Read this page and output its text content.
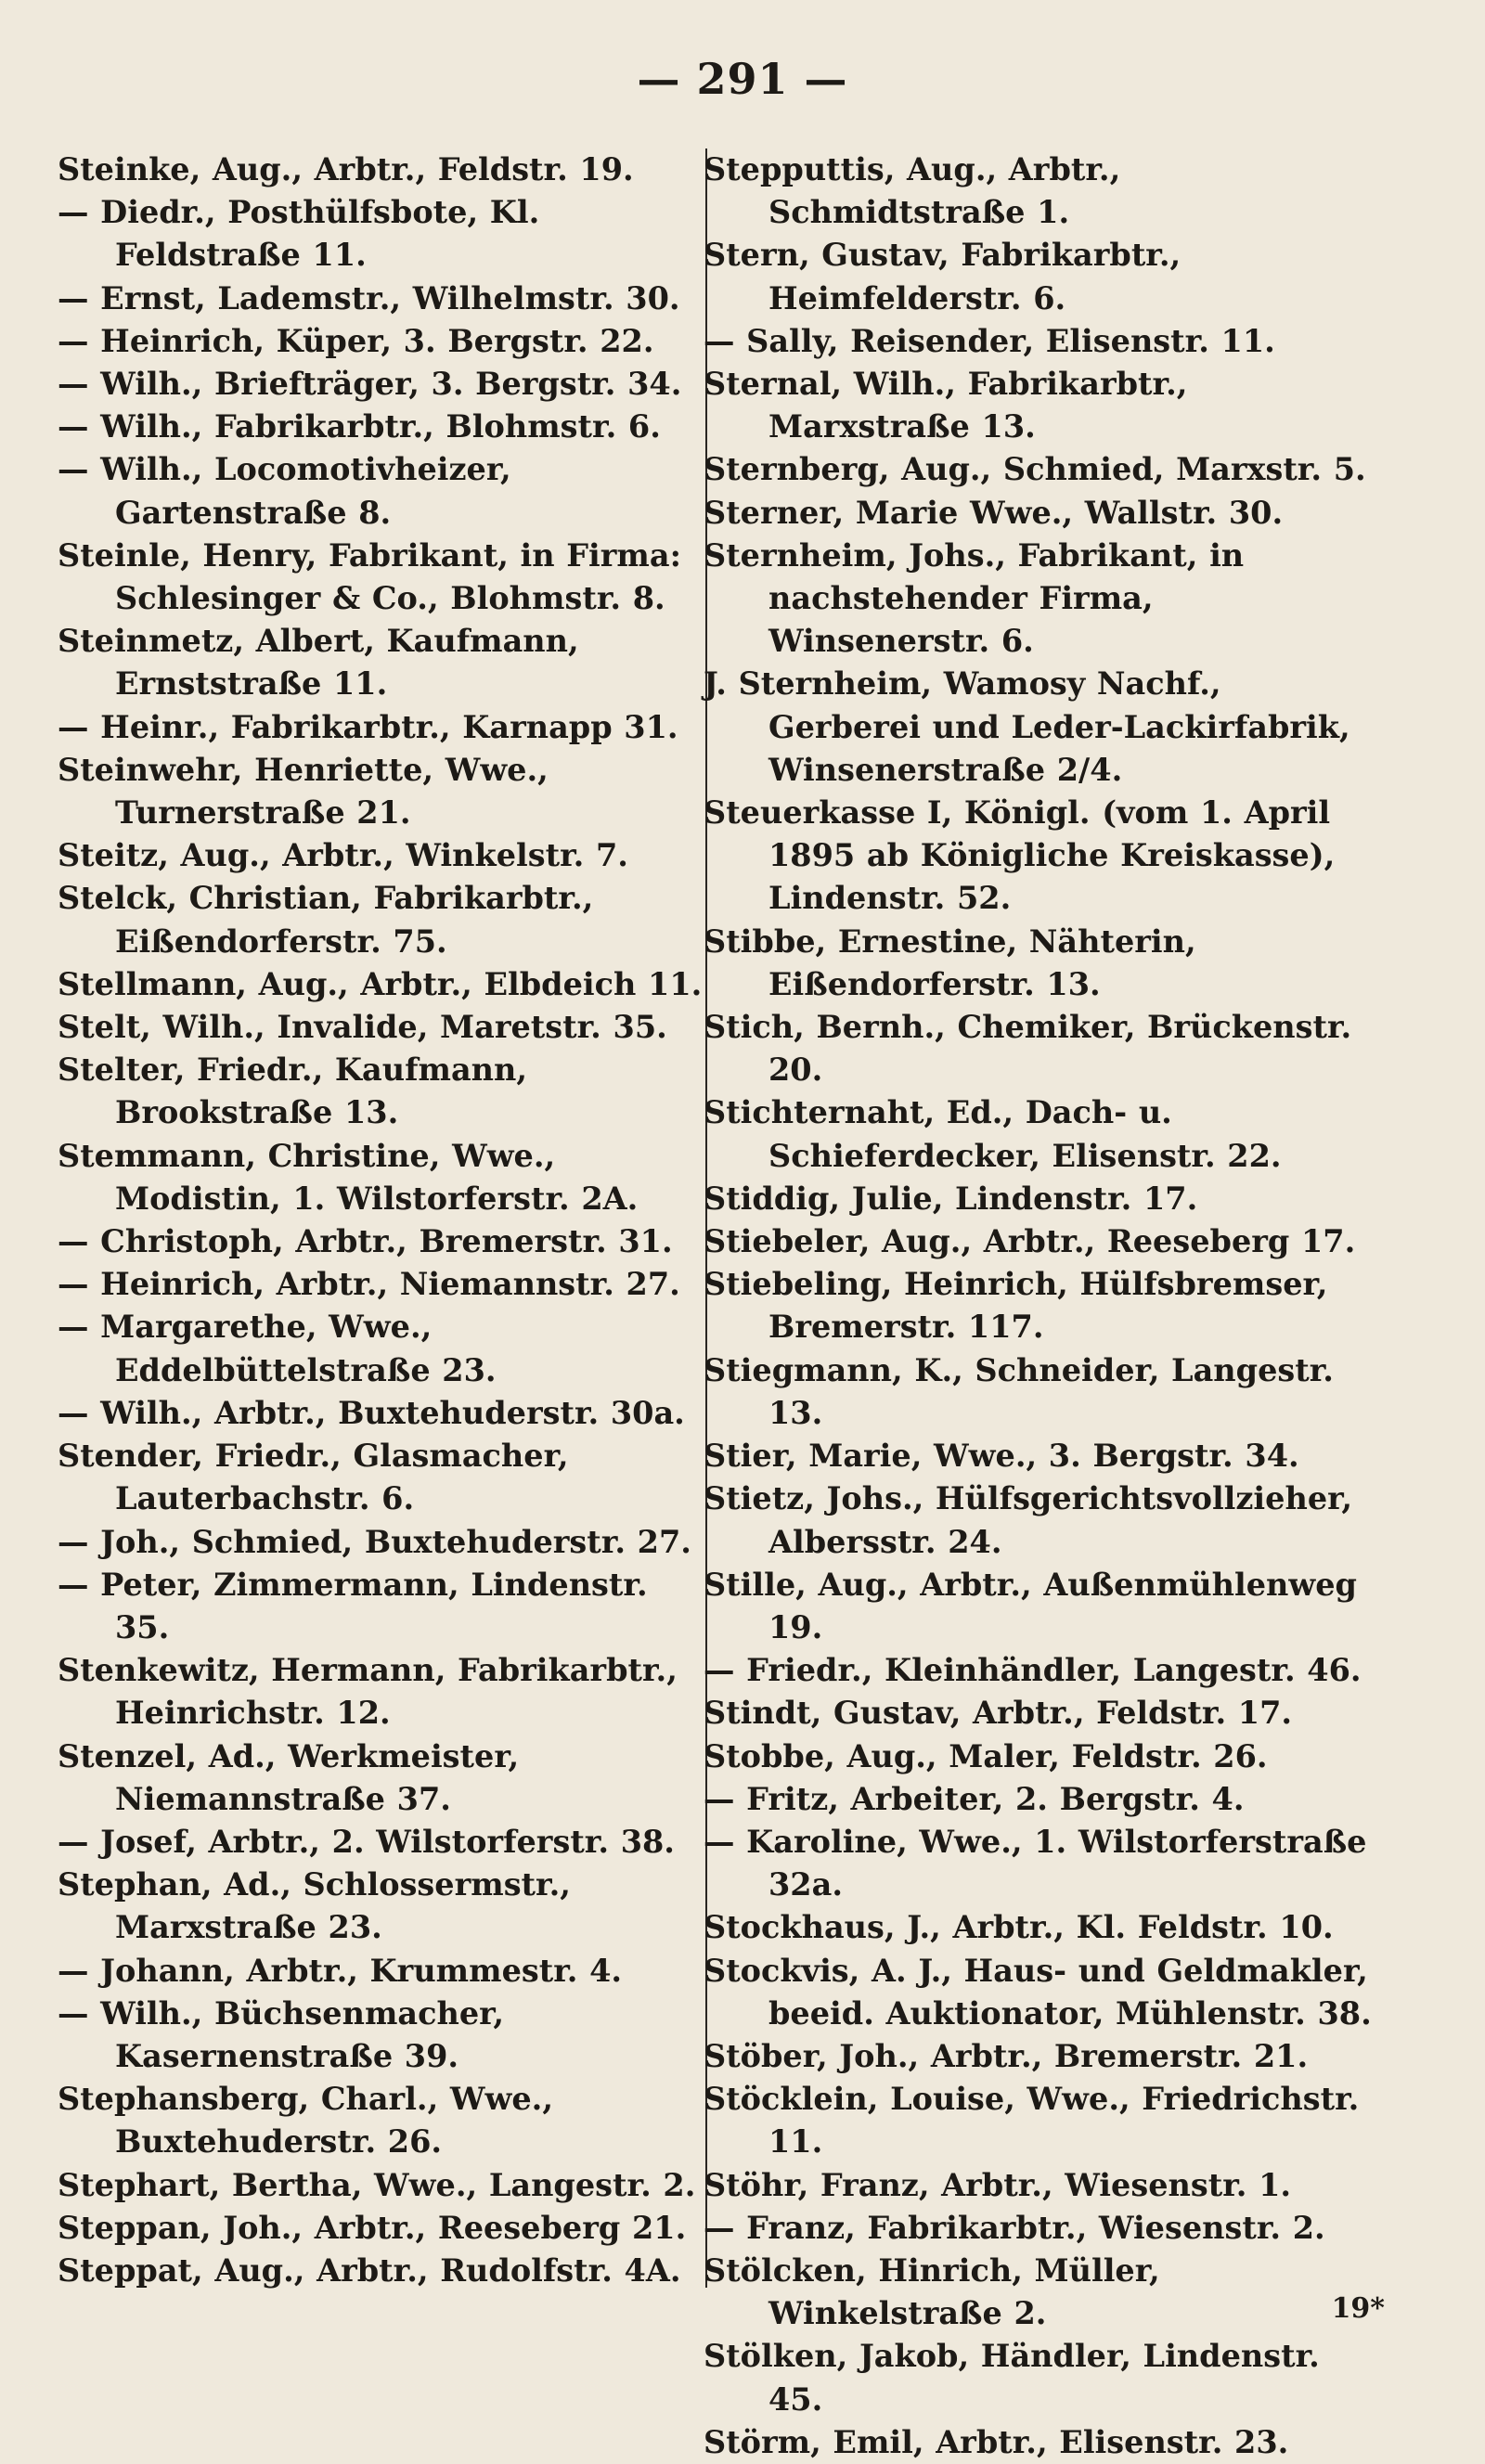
— 291 —
Steinke, Aug., Arbtr., Feldstr. 19.
— Diedr., Posthülfsbote, Kl. Feldstraße 11.
— Ernst, Lademstr., Wilhelmstr. 30.
— Heinrich, Küper, 3. Bergstr. 22.
— Wilh., Briefträger, 3. Bergstr. 34.
— Wilh., Fabrikarbtr., Blohmstr. 6.
— Wilh., Locomotivheizer, Gartenstraße 8.
Steinle, Henry, Fabrikant, in Firma: Schlesinger & Co., Blohmstr. 8.
Steinmetz, Albert, Kaufmann, Ernststraße 11.
— Heinr., Fabrikarbtr., Karnapp 31.
Steinwehr, Henriette, Wwe., Turnerstraße 21.
Steitz, Aug., Arbtr., Winkelstr. 7.
Stelck, Christian, Fabrikarbtr., Eißendorferstr. 75.
Stellmann, Aug., Arbtr., Elbdeich 11.
Stelt, Wilh., Invalide, Maretstr. 35.
Stelter, Friedr., Kaufmann, Brookstraße 13.
Stemmann, Christine, Wwe., Modistin, 1. Wilstorferstr. 2A.
— Christoph, Arbtr., Bremerstr. 31.
— Heinrich, Arbtr., Niemannstr. 27.
— Margarethe, Wwe., Eddelbüttelstraße 23.
— Wilh., Arbtr., Buxtehuderstr. 30a.
Stender, Friedr., Glasmacher, Lauterbachstr. 6.
— Joh., Schmied, Buxtehuderstr. 27.
— Peter, Zimmermann, Lindenstr. 35.
Stenkewitz, Hermann, Fabrikarbtr., Heinrichstr. 12.
Stenzel, Ad., Werkmeister, Niemannstraße 37.
— Josef, Arbtr., 2. Wilstorferstr. 38.
Stephan, Ad., Schlossermstr., Marxstraße 23.
— Johann, Arbtr., Krummestr. 4.
— Wilh., Büchsenmacher, Kasernenstraße 39.
Stephansberg, Charl., Wwe., Buxtehuderstr. 26.
Stephart, Bertha, Wwe., Langestr. 2.
Steppan, Joh., Arbtr., Reeseberg 21.
Steppat, Aug., Arbtr., Rudolfstr. 4A.
Stepputtis, Aug., Arbtr., Schmidtstraße 1.
Stern, Gustav, Fabrikarbtr., Heimfelderstr. 6.
— Sally, Reisender, Elisenstr. 11.
Sternal, Wilh., Fabrikarbtr., Marxstraße 13.
Sternberg, Aug., Schmied, Marxstr. 5.
Sterner, Marie Wwe., Wallstr. 30.
Sternheim, Johs., Fabrikant, in nachstehender Firma, Winsenerstr. 6.
J. Sternheim, Wamosy Nachf., Gerberei und Leder-Lackirfabrik, Winsenerstraße 2/4.
Steuerkasse I, Königl. (vom 1. April 1895 ab Königliche Kreiskasse), Lindenstr. 52.
Stibbe, Ernestine, Nähterin, Eißendorferstr. 13.
Stich, Bernh., Chemiker, Brückenstr. 20.
Stichternaht, Ed., Dach- u. Schieferdecker, Elisenstr. 22.
Stiddig, Julie, Lindenstr. 17.
Stiebeler, Aug., Arbtr., Reeseberg 17.
Stiebeling, Heinrich, Hülfsbremser, Bremerstr. 117.
Stiegmann, K., Schneider, Langestr. 13.
Stier, Marie, Wwe., 3. Bergstr. 34.
Stietz, Johs., Hülfsgerichtsvollzieher, Albersstr. 24.
Stille, Aug., Arbtr., Außenmühlenweg 19.
— Friedr., Kleinhändler, Langestr. 46.
Stindt, Gustav, Arbtr., Feldstr. 17.
Stobbe, Aug., Maler, Feldstr. 26.
— Fritz, Arbeiter, 2. Bergstr. 4.
— Karoline, Wwe., 1. Wilstorferstraße 32a.
Stockhaus, J., Arbtr., Kl. Feldstr. 10.
Stockvis, A. J., Haus- und Geldmakler, beeid. Auktionator, Mühlenstr. 38.
Stöber, Joh., Arbtr., Bremerstr. 21.
Stöcklein, Louise, Wwe., Friedrichstr. 11.
Stöhr, Franz, Arbtr., Wiesenstr. 1.
— Franz, Fabrikarbtr., Wiesenstr. 2.
Stölcken, Hinrich, Müller, Winkelstraße 2.
Stölken, Jakob, Händler, Lindenstr. 45.
Störm, Emil, Arbtr., Elisenstr. 23.
19*
